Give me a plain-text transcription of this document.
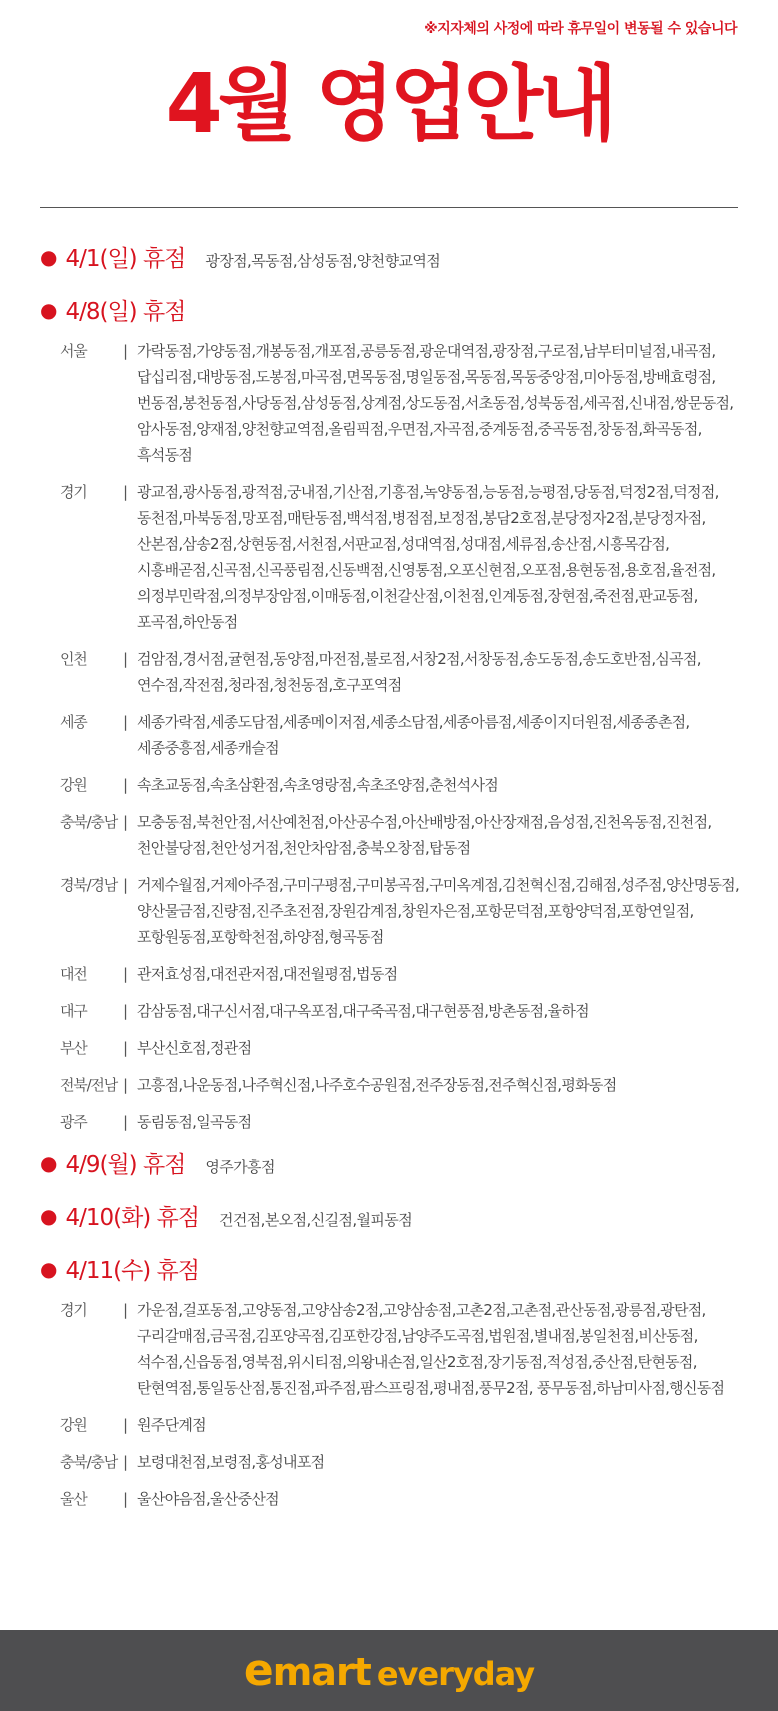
※지자체의 사정에 따라 휴무일이 변동될 수 있습니다
4월 영업안내
● 4/1(일) 휴점 광장점,목동점,삼성동점,양천향교역점
● 4/8(일) 휴점
서울	| 가락동점,가양동점,개봉동점,개포점,공릉동점,광운대역점,광장점,구로점,남부터미널점,내곡점,답십리점,대방동점,도봉점,마곡점,면목동점,명일동점,목동점,목동중앙점,미아동점,방배효령점,번동점,봉천동점,사당동점,삼성동점,상계점,상도동점,서초동점,성북동점,세곡점,신내점,쌍문동점,암사동점,양재점,양천향교역점,올림픽점,우면점,자곡점,중계동점,중곡동점,창동점,화곡동점,흑석동점
경기	| 광교점,광사동점,광적점,궁내점,기산점,기흥점,녹양동점,능동점,능평점,당동점,덕정2점,덕정점,동천점,마북동점,망포점,매탄동점,백석점,병점점,보정점,봉담2호점,분당정자2점,분당정자점,산본점,삼송2점,상현동점,서천점,서판교점,성대역점,성대점,세류점,송산점,시흥목감점,시흥배곧점,신곡점,신곡풍림점,신동백점,신영통점,오포신현점,오포점,용현동점,용호점,율전점,의정부민락점,의정부장암점,이매동점,이천갈산점,이천점,인계동점,장현점,죽전점,판교동점,포곡점,하안동점
인천	| 검암점,경서점,귤현점,동양점,마전점,불로점,서창2점,서창동점,송도동점,송도호반점,심곡점,연수점,작전점,청라점,청천동점,호구포역점
세종	| 세종가락점,세종도담점,세종메이저점,세종소담점,세종아름점,세종이지더원점,세종종촌점,세종중흥점,세종캐슬점
강원	| 속초교동점,속초삼환점,속초영랑점,속초조양점,춘천석사점
충북/충남 | 모충동점,북천안점,서산예천점,아산공수점,아산배방점,아산장재점,음성점,진천옥동점,진천점,천안불당점,천안성거점,천안차암점,충북오창점,탑동점
경북/경남 | 거제수월점,거제아주점,구미구평점,구미봉곡점,구미옥계점,김천혁신점,김해점,성주점,양산명동점,양산물금점,진량점,진주초전점,장원감계점,창원자은점,포항문덕점,포항양덕점,포항연일점,포항원동점,포항학천점,하양점,형곡동점
대전	| 관저효성점,대전관저점,대전월평점,법동점
대구	| 감삼동점,대구신서점,대구옥포점,대구죽곡점,대구현풍점,방촌동점,율하점
부산	| 부산신호점,정관점
전북/전남 | 고흥점,나운동점,나주혁신점,나주호수공원점,전주장동점,전주혁신점,평화동점
광주	| 동림동점,일곡동점
● 4/9(월) 휴점 영주가흥점
● 4/10(화) 휴점 건건점,본오점,신길점,월피동점
● 4/11(수) 휴점
경기	| 가운점,걸포동점,고양동점,고양삼송2점,고양삼송점,고촌2점,고촌점,관산동점,광릉점,광탄점,구리갈매점,금곡점,김포양곡점,김포한강점,남양주도곡점,법원점,별내점,봉일천점,비산동점,석수점,신읍동점,영북점,위시티점,의왕내손점,일산2호점,장기동점,적성점,중산점,탄현동점,탄현역점,통일동산점,통진점,파주점,팜스프링점,평내점,풍무2점, 풍무동점,하남미사점,행신동점
강원	| 원주단계점
충북/충남 | 보령대천점,보령점,홍성내포점
울산	| 울산야음점,울산중산점
e mart everyday
